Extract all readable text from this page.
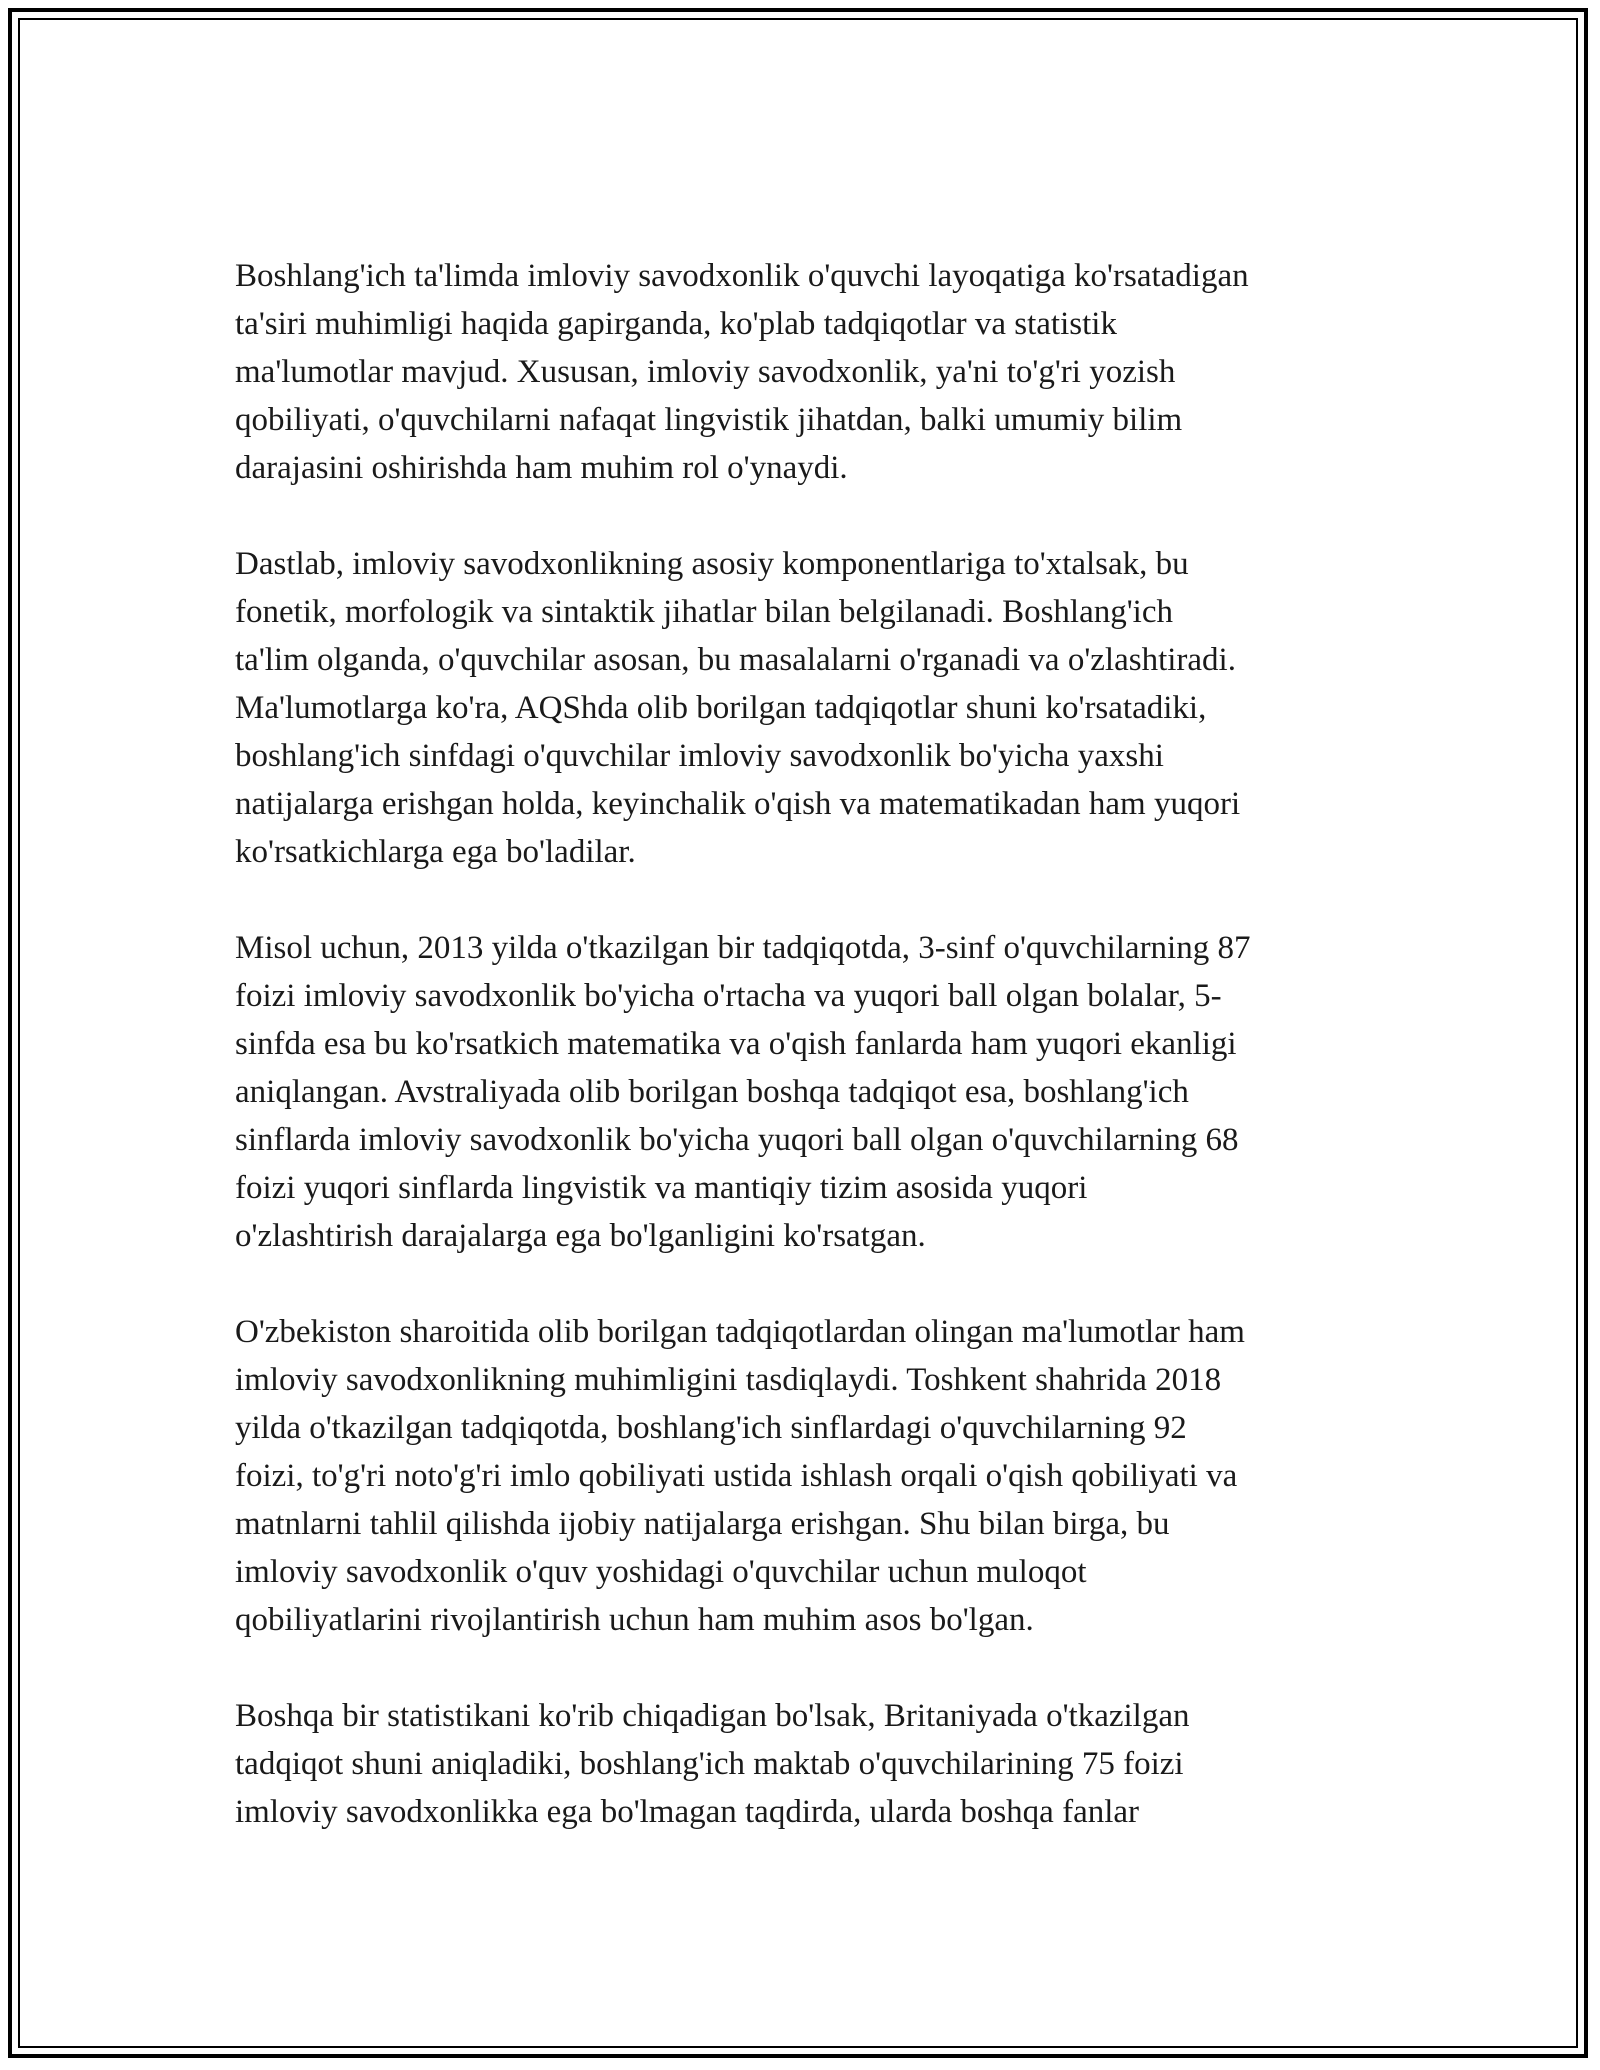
Boshlang'ich ta'limda imloviy savodxonlik o'quvchi layoqatiga ko'rsatadigan
ta'siri muhimligi haqida gapirganda, ko'plab tadqiqotlar va statistik
ma'lumotlar mavjud. Xususan, imloviy savodxonlik, ya'ni to'g'ri yozish
qobiliyati, o'quvchilarni nafaqat lingvistik jihatdan, balki umumiy bilim
darajasini oshirishda ham muhim rol o'ynaydi.

Dastlab, imloviy savodxonlikning asosiy komponentlariga to'xtalsak, bu
fonetik, morfologik va sintaktik jihatlar bilan belgilanadi. Boshlang'ich
ta'lim olganda, o'quvchilar asosan, bu masalalarni o'rganadi va o'zlashtiradi.
Ma'lumotlarga ko'ra, AQShda olib borilgan tadqiqotlar shuni ko'rsatadiki,
boshlang'ich sinfdagi o'quvchilar imloviy savodxonlik bo'yicha yaxshi
natijalarga erishgan holda, keyinchalik o'qish va matematikadan ham yuqori
ko'rsatkichlarga ega bo'ladilar.

Misol uchun, 2013 yilda o'tkazilgan bir tadqiqotda, 3-sinf o'quvchilarning 87
foizi imloviy savodxonlik bo'yicha o'rtacha va yuqori ball olgan bolalar, 5-
sinfda esa bu ko'rsatkich matematika va o'qish fanlarda ham yuqori ekanligi
aniqlangan. Avstraliyada olib borilgan boshqa tadqiqot esa, boshlang'ich
sinflarda imloviy savodxonlik bo'yicha yuqori ball olgan o'quvchilarning 68
foizi yuqori sinflarda lingvistik va mantiqiy tizim asosida yuqori
o'zlashtirish darajalarga ega bo'lganligini ko'rsatgan.

O'zbekiston sharoitida olib borilgan tadqiqotlardan olingan ma'lumotlar ham
imloviy savodxonlikning muhimligini tasdiqlaydi. Toshkent shahrida 2018
yilda o'tkazilgan tadqiqotda, boshlang'ich sinflardagi o'quvchilarning 92
foizi, to'g'ri noto'g'ri imlo qobiliyati ustida ishlash orqali o'qish qobiliyati va
matnlarni tahlil qilishda ijobiy natijalarga erishgan. Shu bilan birga, bu
imloviy savodxonlik o'quv yoshidagi o'quvchilar uchun muloqot
qobiliyatlarini rivojlantirish uchun ham muhim asos bo'lgan.

Boshqa bir statistikani ko'rib chiqadigan bo'lsak, Britaniyada o'tkazilgan
tadqiqot shuni aniqladiki, boshlang'ich maktab o'quvchilarining 75 foizi
imloviy savodxonlikka ega bo'lmagan taqdirda, ularda boshqa fanlar
